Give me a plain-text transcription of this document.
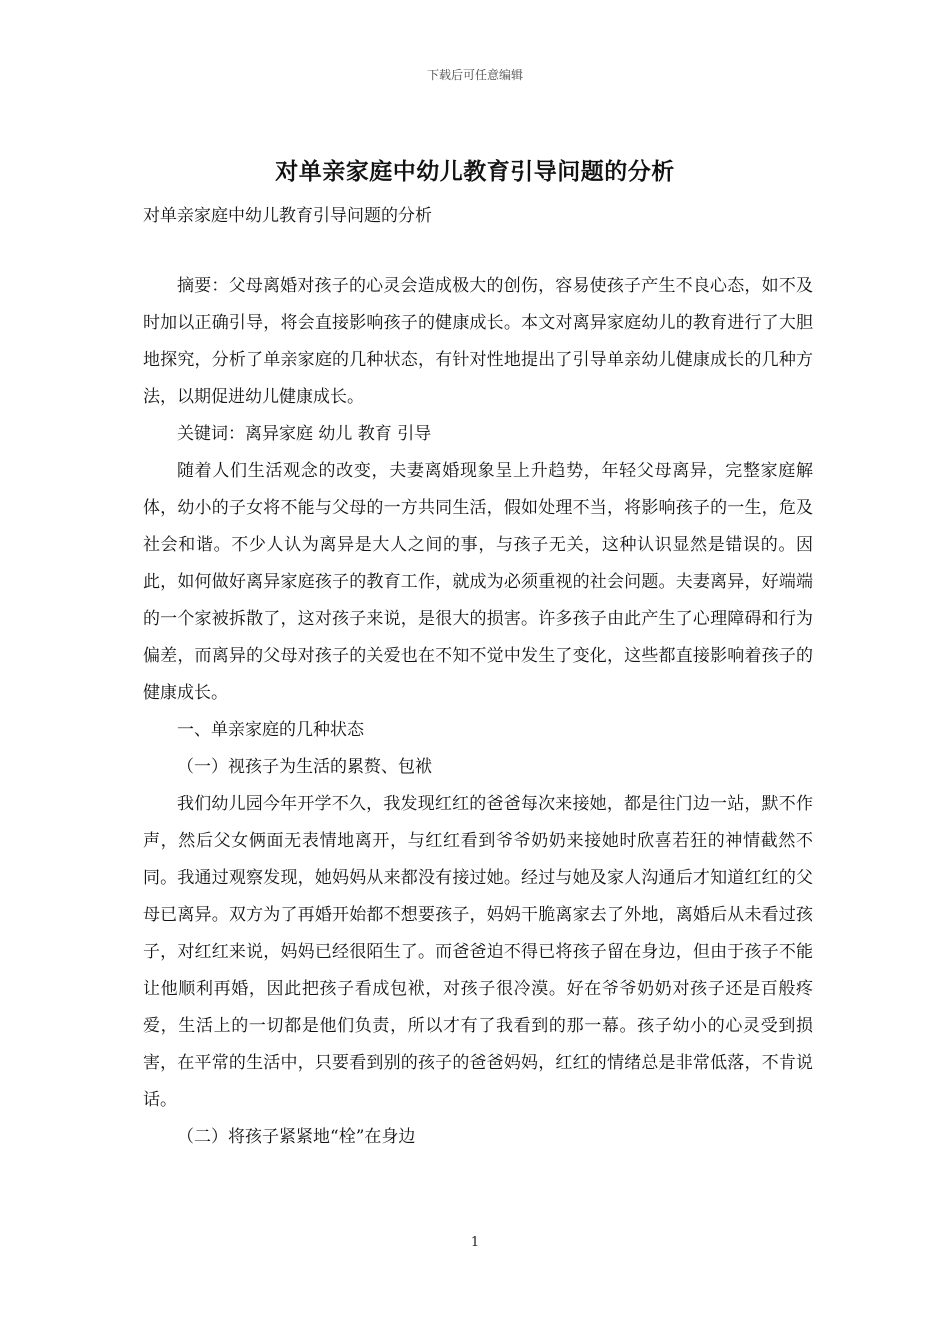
下载后可任意编辑
对单亲家庭中幼儿教育引导问题的分析
对单亲家庭中幼儿教育引导问题的分析

摘要：父母离婚对孩子的心灵会造成极大的创伤，容易使孩子产生不良心态，如不及时加以正确引导，将会直接影响孩子的健康成长。本文对离异家庭幼儿的教育进行了大胆地探究，分析了单亲家庭的几种状态，有针对性地提出了引导单亲幼儿健康成长的几种方法，以期促进幼儿健康成长。

关键词：离异家庭 幼儿 教育 引导

随着人们生活观念的改变，夫妻离婚现象呈上升趋势，年轻父母离异，完整家庭解体，幼小的子女将不能与父母的一方共同生活，假如处理不当，将影响孩子的一生，危及社会和谐。不少人认为离异是大人之间的事，与孩子无关，这种认识显然是错误的。因此，如何做好离异家庭孩子的教育工作，就成为必须重视的社会问题。夫妻离异，好端端的一个家被拆散了，这对孩子来说，是很大的损害。许多孩子由此产生了心理障碍和行为偏差，而离异的父母对孩子的关爱也在不知不觉中发生了变化，这些都直接影响着孩子的健康成长。

一、单亲家庭的几种状态

（一）视孩子为生活的累赘、包袱

我们幼儿园今年开学不久，我发现红红的爸爸每次来接她，都是往门边一站，默不作声，然后父女俩面无表情地离开，与红红看到爷爷奶奶来接她时欣喜若狂的神情截然不同。我通过观察发现，她妈妈从来都没有接过她。经过与她及家人沟通后才知道红红的父母已离异。双方为了再婚开始都不想要孩子，妈妈干脆离家去了外地，离婚后从未看过孩子，对红红来说，妈妈已经很陌生了。而爸爸迫不得已将孩子留在身边，但由于孩子不能让他顺利再婚，因此把孩子看成包袱，对孩子很冷漠。好在爷爷奶奶对孩子还是百般疼爱，生活上的一切都是他们负责，所以才有了我看到的那一幕。孩子幼小的心灵受到损害，在平常的生活中，只要看到别的孩子的爸爸妈妈，红红的情绪总是非常低落，不肯说话。

（二）将孩子紧紧地“栓”在身边

1
